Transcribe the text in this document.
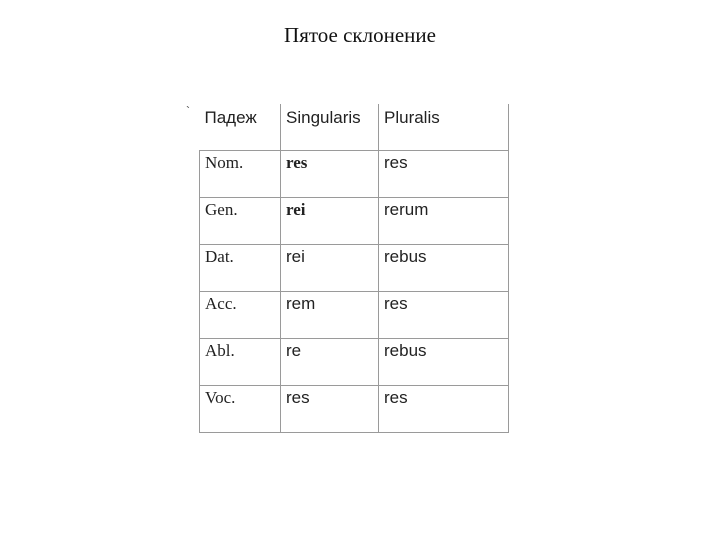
Пятое склонение
` Падеж	Singularis	Pluralis

Nom.	res	res

Gen.	rei	rerum

Dat.	rei	rebus

Acc.	rem	res

Abl.	re	rebus

Voc.	res	res
